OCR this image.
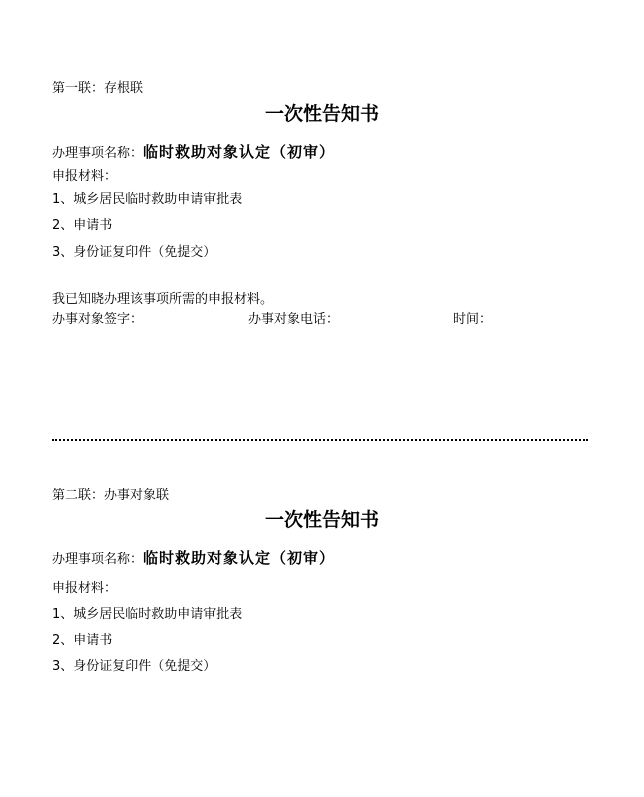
第一联：存根联
一次性告知书
办理事项名称：临时救助对象认定（初审）
申报材料：
1、城乡居民临时救助申请审批表
2、申请书
3、身份证复印件（免提交）
我已知晓办理该事项所需的申报材料。
办事对象签字：	办事对象电话：	时间：
第二联：办事对象联
一次性告知书
办理事项名称：临时救助对象认定（初审）
申报材料：
1、城乡居民临时救助申请审批表
2、申请书
3、身份证复印件（免提交）
